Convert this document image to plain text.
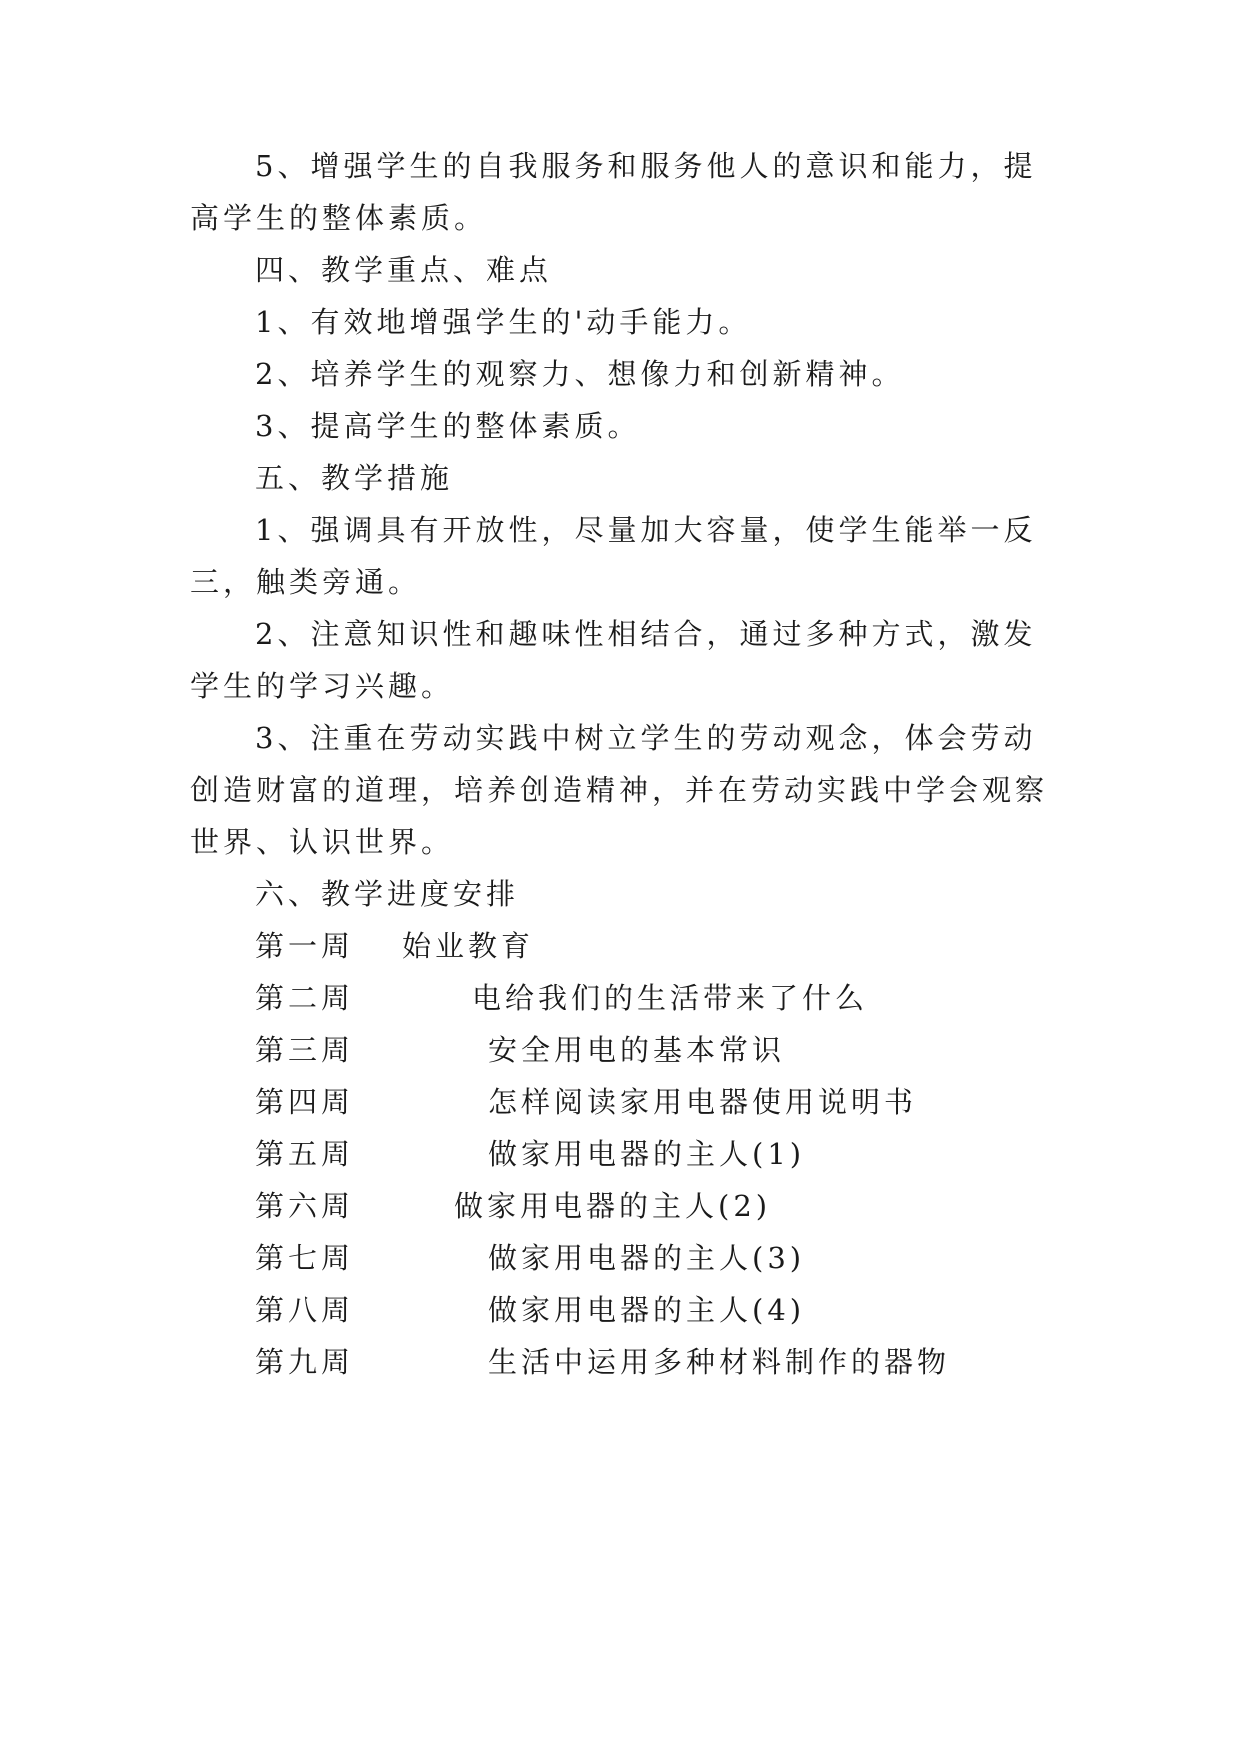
5、增强学生的自我服务和服务他人的意识和能力，提
高学生的整体素质。
四、教学重点、难点
1、有效地增强学生的'动手能力。
2、培养学生的观察力、想像力和创新精神。
3、提高学生的整体素质。
五、教学措施
1、强调具有开放性，尽量加大容量，使学生能举一反
三，触类旁通。
2、注意知识性和趣味性相结合，通过多种方式，激发
学生的学习兴趣。
3、注重在劳动实践中树立学生的劳动观念，体会劳动
创造财富的道理，培养创造精神，并在劳动实践中学会观察
世界、认识世界。
六、教学进度安排
第一周 始业教育
第二周	电给我们的生活带来了什么
第三周	安全用电的基本常识
第四周	怎样阅读家用电器使用说明书
第五周	做家用电器的主人(1)
第六周	做家用电器的主人(2)
第七周	做家用电器的主人(3)
第八周	做家用电器的主人(4)
第九周	生活中运用多种材料制作的器物
